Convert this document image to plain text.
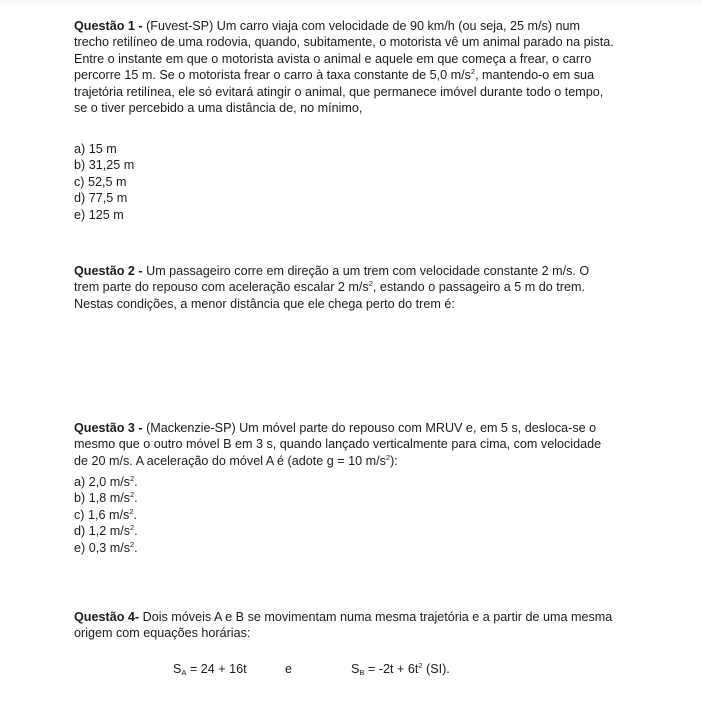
Questão 1 - (Fuvest-SP) Um carro viaja com velocidade de 90 km/h (ou seja, 25 m/s) num trecho retilíneo de uma rodovia, quando, subitamente, o motorista vê um animal parado na pista. Entre o instante em que o motorista avista o animal e aquele em que começa a frear, o carro percorre 15 m. Se o motorista frear o carro à taxa constante de 5,0 $m/s^2$, mantendo-o em sua trajetória retilínea, ele só evitará atingir o animal, que permanece imóvel durante todo o tempo, se o tiver percebido a uma distância de, no mínimo,
a) 15 m
b) 31,25 m
c) 52,5 m
d) 77,5 m
e) 125 m
Questão 2 - Um passageiro corre em direção a um trem com velocidade constante 2 m/s. O trem parte do repouso com aceleração escalar 2 $m/s^2$, estando o passageiro a 5 m do trem. Nestas condições, a menor distância que ele chega perto do trem é:
Questão 3 - (Mackenzie-SP) Um móvel parte do repouso com MRUV e, em 5 s, desloca-se o mesmo que o outro móvel B em 3 s, quando lançado verticalmente para cima, com velocidade de 20 m/s. A aceleração do móvel A é (adote g = 10 $m/s^2$):
a) 2,0 $m/s^2$.
b) 1,8 $m/s^2$.
c) 1,6 $m/s^2$.
d) 1,2 $m/s^2$.
e) 0,3 $m/s^2$.
Questão 4- Dois móveis A e B se movimentam numa mesma trajetória e a partir de uma mesma origem com equações horárias:
$S_A = 24 + 16t$	e	$S_B = -2t + 6t^2$ (SI).
